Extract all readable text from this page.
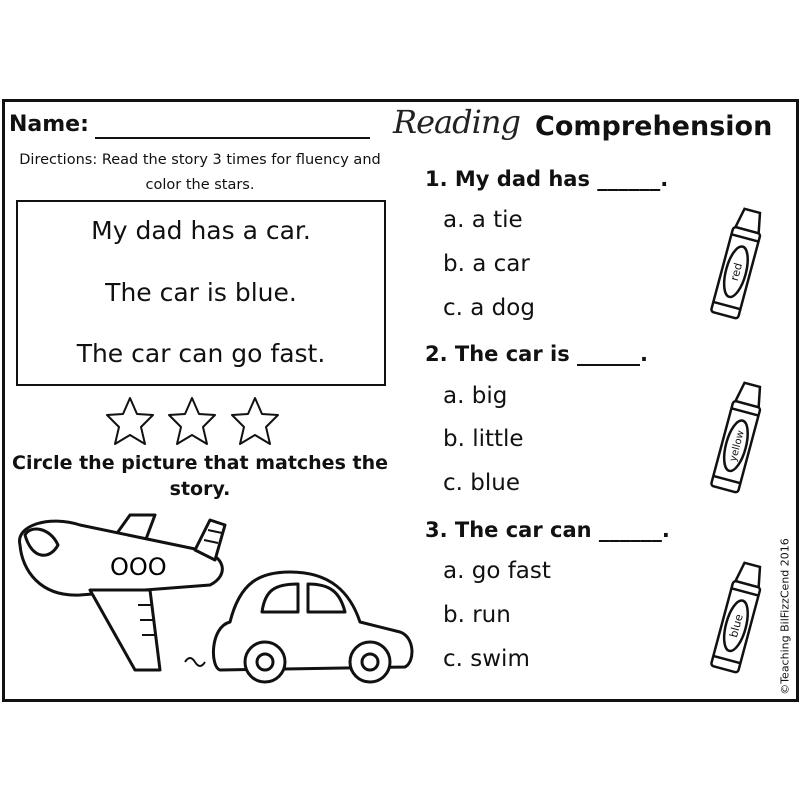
Name:
Directions: Read the story 3 times for fluency and color the stars.
My dad has a car.
The car is blue.
The car can go fast.
Circle the picture that matches the story.
OOO
Reading Comprehension
1. My dad has ______.
a. a tie
b. a car
c. a dog
2. The car is ______.
a. big
b. little
c. blue
3. The car can ______.
a. go fast
b. run
c. swim
red
yellow
blue	©Teaching BilFizzCend 2016
